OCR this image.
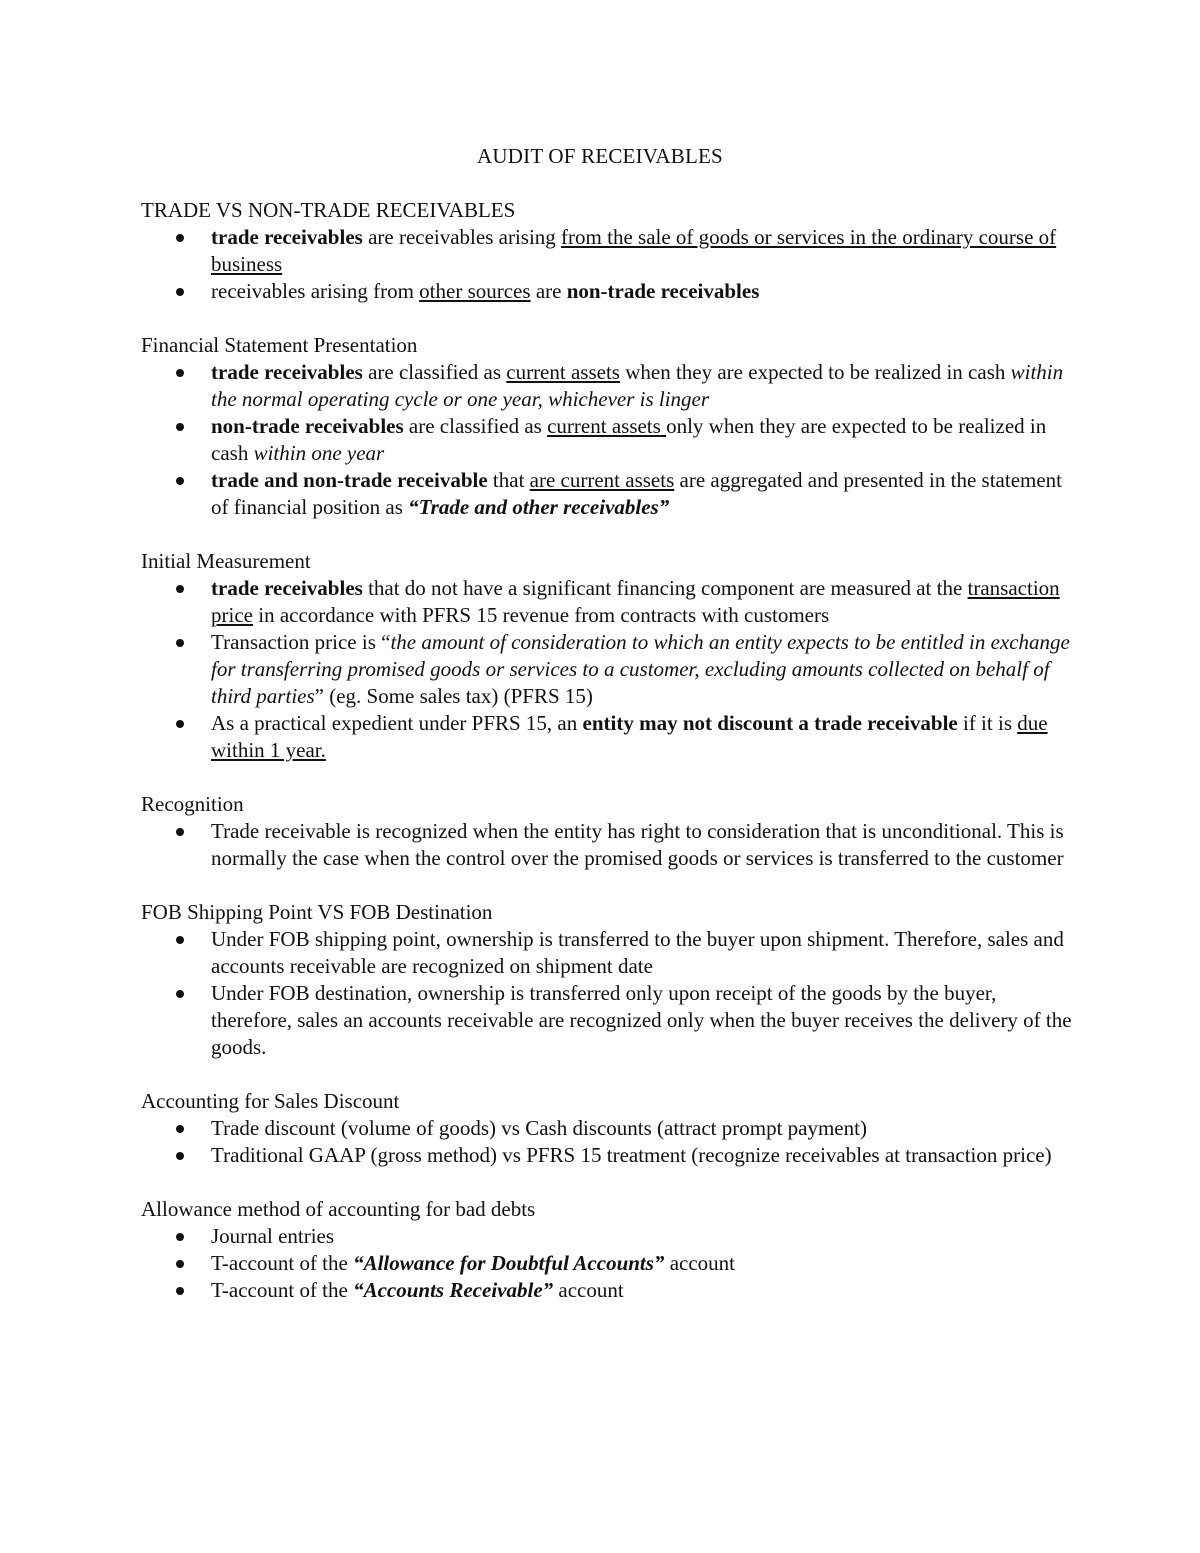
AUDIT OF RECEIVABLES

TRADE VS NON-TRADE RECEIVABLES

trade receivables are receivables arising from the sale of goods or services in the ordinary course of business
receivables arising from other sources are non-trade receivables

Financial Statement Presentation

trade receivables are classified as current assets when they are expected to be realized in cash within the normal operating cycle or one year, whichever is linger
non-trade receivables are classified as current assets only when they are expected to be realized in cash within one year
trade and non-trade receivable that are current assets are aggregated and presented in the statement of financial position as “Trade and other receivables”

Initial Measurement

trade receivables that do not have a significant financing component are measured at the transaction price in accordance with PFRS 15 revenue from contracts with customers
Transaction price is “the amount of consideration to which an entity expects to be entitled in exchange for transferring promised goods or services to a customer, excluding amounts collected on behalf of third parties” (eg. Some sales tax) (PFRS 15)
As a practical expedient under PFRS 15, an entity may not discount a trade receivable if it is due within 1 year.

Recognition

Trade receivable is recognized when the entity has right to consideration that is unconditional. This is normally the case when the control over the promised goods or services is transferred to the customer

FOB Shipping Point VS FOB Destination

Under FOB shipping point, ownership is transferred to the buyer upon shipment. Therefore, sales and accounts receivable are recognized on shipment date
Under FOB destination, ownership is transferred only upon receipt of the goods by the buyer, therefore, sales an accounts receivable are recognized only when the buyer receives the delivery of the goods.

Accounting for Sales Discount

Trade discount (volume of goods) vs Cash discounts (attract prompt payment)
Traditional GAAP (gross method) vs PFRS 15 treatment (recognize receivables at transaction price)

Allowance method of accounting for bad debts

Journal entries
T-account of the “Allowance for Doubtful Accounts” account
T-account of the “Accounts Receivable” account
